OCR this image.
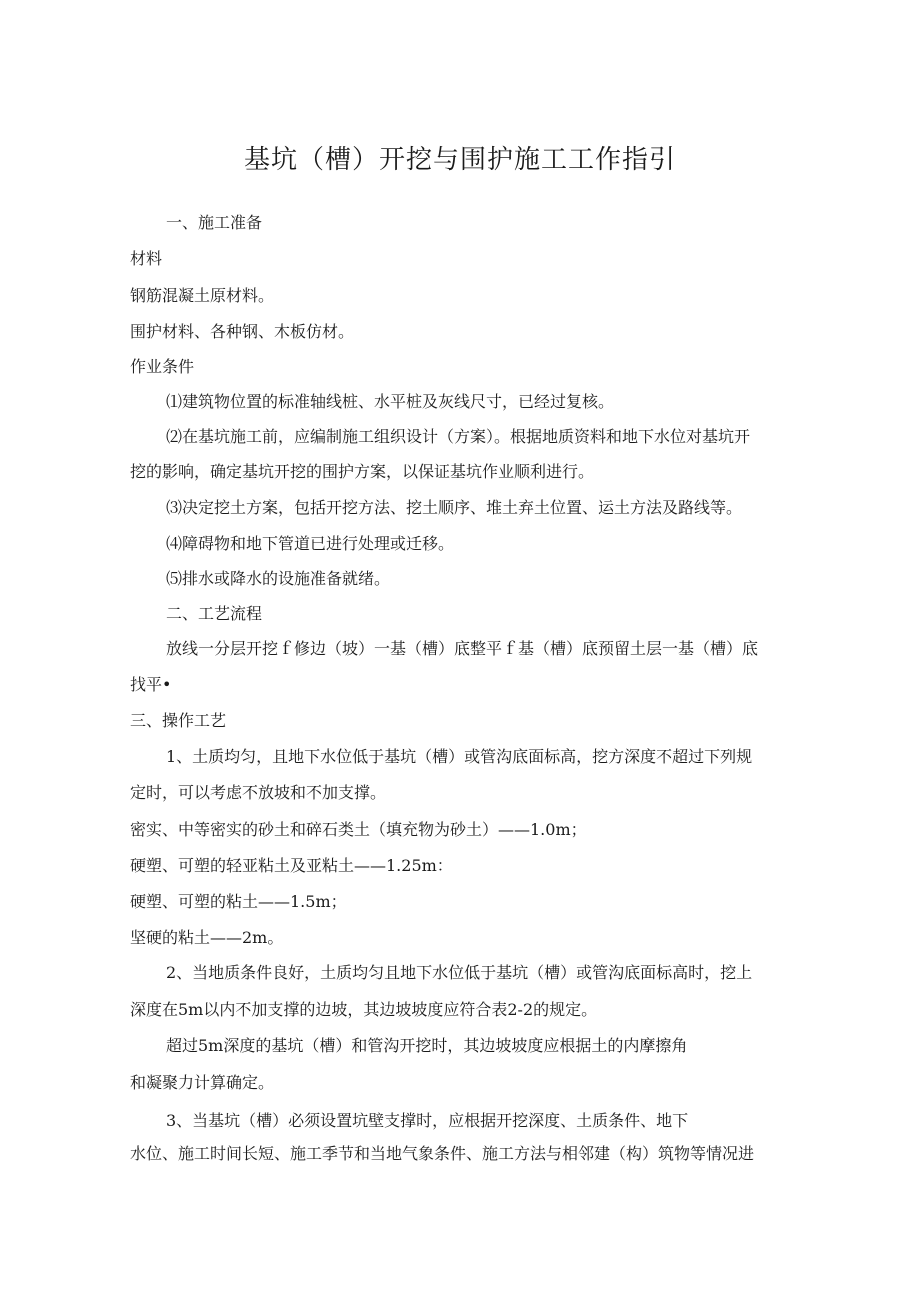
基坑（槽）开挖与围护施工工作指引
一、施工准备
材料
钢筋混凝土原材料。
围护材料、各种钢、木板仿材。
作业条件
⑴建筑物位置的标准轴线桩、水平桩及灰线尺寸，已经过复核。
⑵在基坑施工前，应编制施工组织设计（方案）。根据地质资料和地下水位对基坑开
挖的影响，确定基坑开挖的围护方案，以保证基坑作业顺利进行。
⑶决定挖土方案，包括开挖方法、挖土顺序、堆土弃土位置、运土方法及路线等。
⑷障碍物和地下管道已进行处理或迁移。
⑸排水或降水的设施准备就绪。
二、工艺流程
放线一分层开挖ｆ修边（坡）一基（槽）底整平ｆ基（槽）底预留土层一基（槽）底
找平•
三、操作工艺
1、土质均匀，且地下水位低于基坑（槽）或管沟底面标高，挖方深度不超过下列规
定时，可以考虑不放坡和不加支撑。
密实、中等密实的砂土和碎石类土（填充物为砂土）——1.0m；
硬塑、可塑的轻亚粘土及亚粘土——1.25m：
硬塑、可塑的粘土——1.5m；
坚硬的粘土——2m。
2、当地质条件良好，土质均匀且地下水位低于基坑（槽）或管沟底面标高时，挖上
深度在5m以内不加支撑的边坡，其边坡坡度应符合表2-2的规定。
超过5m深度的基坑（槽）和管沟开挖时，其边坡坡度应根据土的内摩擦角
和凝聚力计算确定。
3、当基坑（槽）必须设置坑壁支撑时，应根据开挖深度、土质条件、地下
水位、施工时间长短、施工季节和当地气象条件、施工方法与相邻建（构）筑物等情况进
